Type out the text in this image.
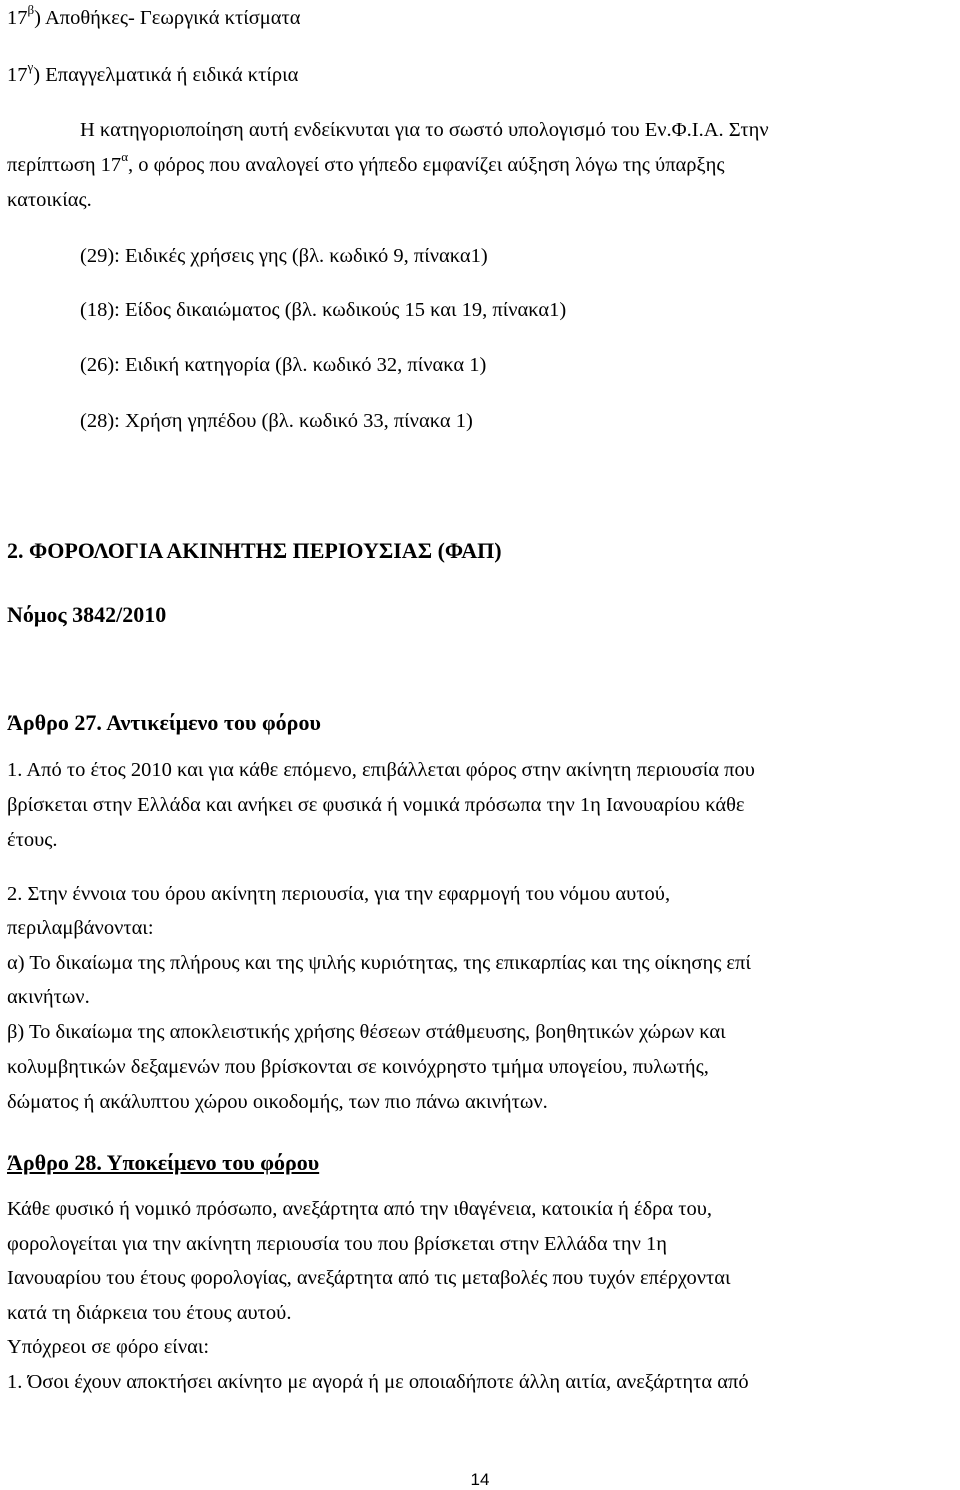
$17^\beta$) Αποθήκες- Γεωργικά κτίσματα
$17^\gamma$) Επαγγελματικά ή ειδικά κτίρια
Η κατηγοριοποίηση αυτή ενδείκνυται για το σωστό υπολογισμό του Εν.Φ.Ι.Α. Στην
περίπτωση $17^\alpha$, ο φόρος που αναλογεί στο γήπεδο εμφανίζει αύξηση λόγω της ύπαρξης
κατοικίας.
(29): Ειδικές χρήσεις γης (βλ. κωδικό 9, πίνακα1)
(18): Είδος δικαιώματος (βλ. κωδικούς 15 και 19, πίνακα1)
(26): Ειδική κατηγορία (βλ. κωδικό 32, πίνακα 1)
(28): Χρήση γηπέδου (βλ. κωδικό 33, πίνακα 1)
2. ΦΟΡΟΛΟΓΙΑ ΑΚΙΝΗΤΗΣ ΠΕΡΙΟΥΣΙΑΣ (ΦΑΠ)
Νόμος 3842/2010
Άρθρο 27. Αντικείμενο του φόρου
1. Από το έτος 2010 και για κάθε επόμενο, επιβάλλεται φόρος στην ακίνητη περιουσία που
βρίσκεται στην Ελλάδα και ανήκει σε φυσικά ή νομικά πρόσωπα την 1η Ιανουαρίου κάθε
έτους.
2. Στην έννοια του όρου ακίνητη περιουσία, για την εφαρμογή του νόμου αυτού,
περιλαμβάνονται:
α) Το δικαίωμα της πλήρους και της ψιλής κυριότητας, της επικαρπίας και της οίκησης επί
ακινήτων.
β) Το δικαίωμα της αποκλειστικής χρήσης θέσεων στάθμευσης, βοηθητικών χώρων και
κολυμβητικών δεξαμενών που βρίσκονται σε κοινόχρηστο τμήμα υπογείου, πυλωτής,
δώματος ή ακάλυπτου χώρου οικοδομής, των πιο πάνω ακινήτων.
Άρθρο 28. Υποκείμενο του φόρου
Κάθε φυσικό ή νομικό πρόσωπο, ανεξάρτητα από την ιθαγένεια, κατοικία ή έδρα του,
φορολογείται για την ακίνητη περιουσία του που βρίσκεται στην Ελλάδα την 1η
Ιανουαρίου του έτους φορολογίας, ανεξάρτητα από τις μεταβολές που τυχόν επέρχονται
κατά τη διάρκεια του έτους αυτού.
Υπόχρεοι σε φόρο είναι:
1. Όσοι έχουν αποκτήσει ακίνητο με αγορά ή με οποιαδήποτε άλλη αιτία, ανεξάρτητα από
14
